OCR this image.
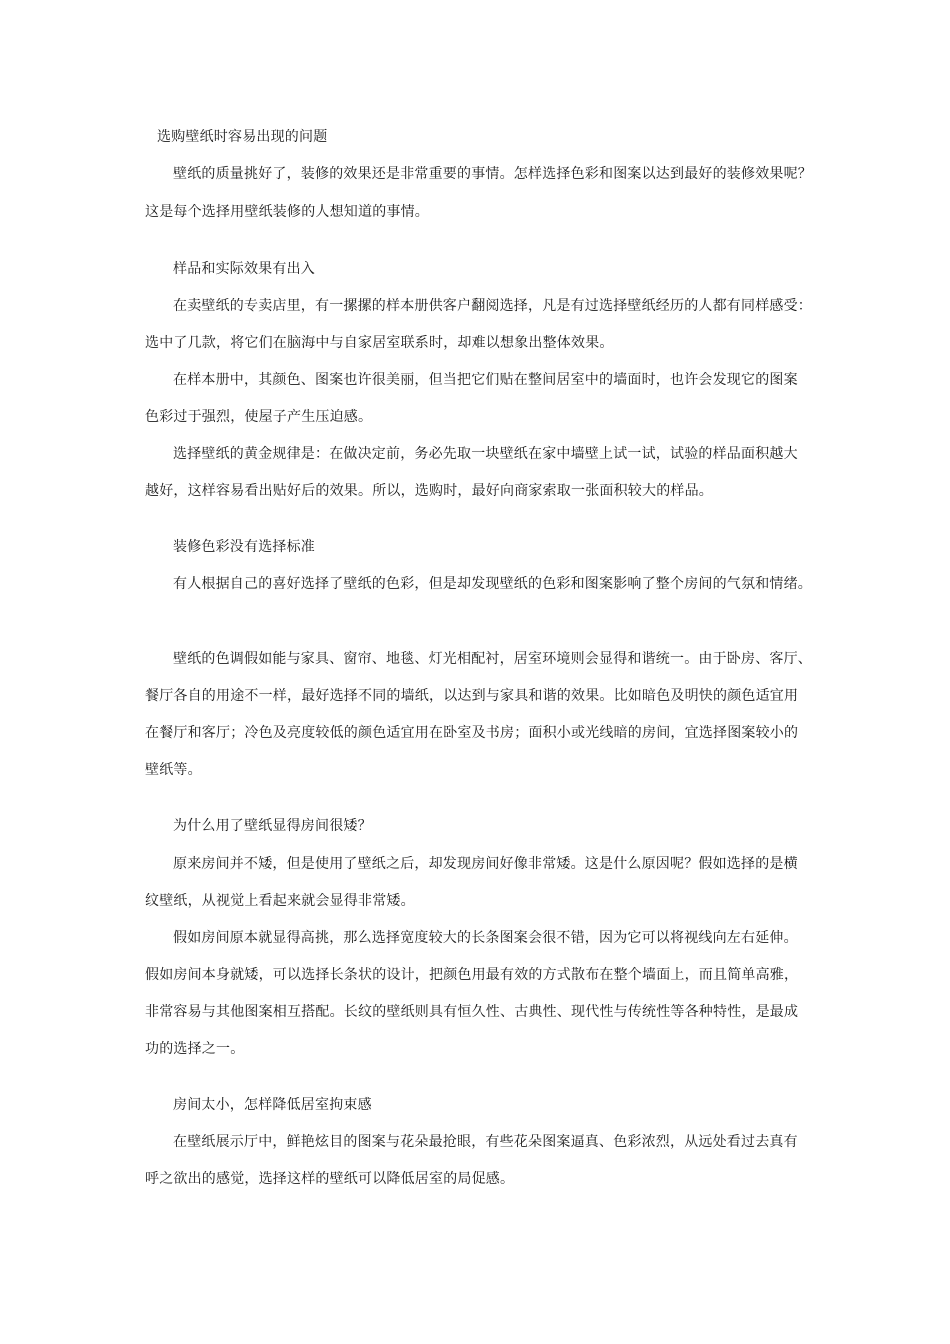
选购壁纸时容易出现的问题
壁纸的质量挑好了，装修的效果还是非常重要的事情。怎样选择色彩和图案以达到最好的装修效果呢？
这是每个选择用壁纸装修的人想知道的事情。
样品和实际效果有出入
在卖壁纸的专卖店里，有一摞摞的样本册供客户翻阅选择，凡是有过选择壁纸经历的人都有同样感受：
选中了几款，将它们在脑海中与自家居室联系时，却难以想象出整体效果。
在样本册中，其颜色、图案也许很美丽，但当把它们贴在整间居室中的墙面时，也许会发现它的图案
色彩过于强烈，使屋子产生压迫感。
选择壁纸的黄金规律是：在做决定前，务必先取一块壁纸在家中墙壁上试一试，试验的样品面积越大
越好，这样容易看出贴好后的效果。所以，选购时，最好向商家索取一张面积较大的样品。
装修色彩没有选择标准
有人根据自己的喜好选择了壁纸的色彩，但是却发现壁纸的色彩和图案影响了整个房间的气氛和情绪。
壁纸的色调假如能与家具、窗帘、地毯、灯光相配衬，居室环境则会显得和谐统一。由于卧房、客厅、
餐厅各自的用途不一样，最好选择不同的墙纸，以达到与家具和谐的效果。比如暗色及明快的颜色适宜用
在餐厅和客厅；冷色及亮度较低的颜色适宜用在卧室及书房；面积小或光线暗的房间，宜选择图案较小的
壁纸等。
为什么用了壁纸显得房间很矮？
原来房间并不矮，但是使用了壁纸之后，却发现房间好像非常矮。这是什么原因呢？假如选择的是横
纹壁纸，从视觉上看起来就会显得非常矮。
假如房间原本就显得高挑，那么选择宽度较大的长条图案会很不错，因为它可以将视线向左右延伸。
假如房间本身就矮，可以选择长条状的设计，把颜色用最有效的方式散布在整个墙面上，而且简单高雅，
非常容易与其他图案相互搭配。长纹的壁纸则具有恒久性、古典性、现代性与传统性等各种特性，是最成
功的选择之一。
房间太小，怎样降低居室拘束感
在壁纸展示厅中，鲜艳炫目的图案与花朵最抢眼，有些花朵图案逼真、色彩浓烈，从远处看过去真有
呼之欲出的感觉，选择这样的壁纸可以降低居室的局促感。
